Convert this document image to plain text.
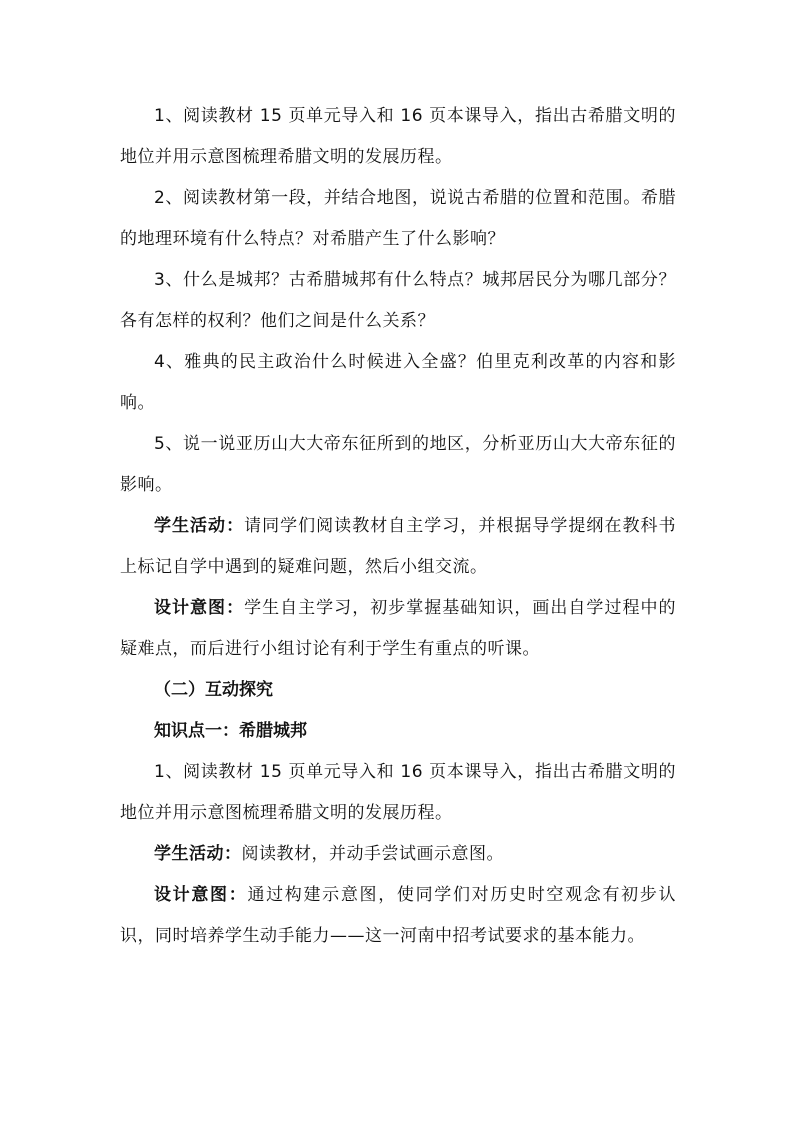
1、阅读教材 15 页单元导入和 16 页本课导入，指出古希腊文明的地位并用示意图梳理希腊文明的发展历程。

2、阅读教材第一段，并结合地图，说说古希腊的位置和范围。希腊的地理环境有什么特点？对希腊产生了什么影响？

3、什么是城邦？古希腊城邦有什么特点？城邦居民分为哪几部分？各有怎样的权利？他们之间是什么关系？

4、雅典的民主政治什么时候进入全盛？伯里克利改革的内容和影响。

5、说一说亚历山大大帝东征所到的地区，分析亚历山大大帝东征的影响。

学生活动：请同学们阅读教材自主学习，并根据导学提纲在教科书上标记自学中遇到的疑难问题，然后小组交流。

设计意图：学生自主学习，初步掌握基础知识，画出自学过程中的疑难点，而后进行小组讨论有利于学生有重点的听课。

（二）互动探究

知识点一：希腊城邦

1、阅读教材 15 页单元导入和 16 页本课导入，指出古希腊文明的地位并用示意图梳理希腊文明的发展历程。

学生活动：阅读教材，并动手尝试画示意图。

设计意图：通过构建示意图，使同学们对历史时空观念有初步认识，同时培养学生动手能力——这一河南中招考试要求的基本能力。
